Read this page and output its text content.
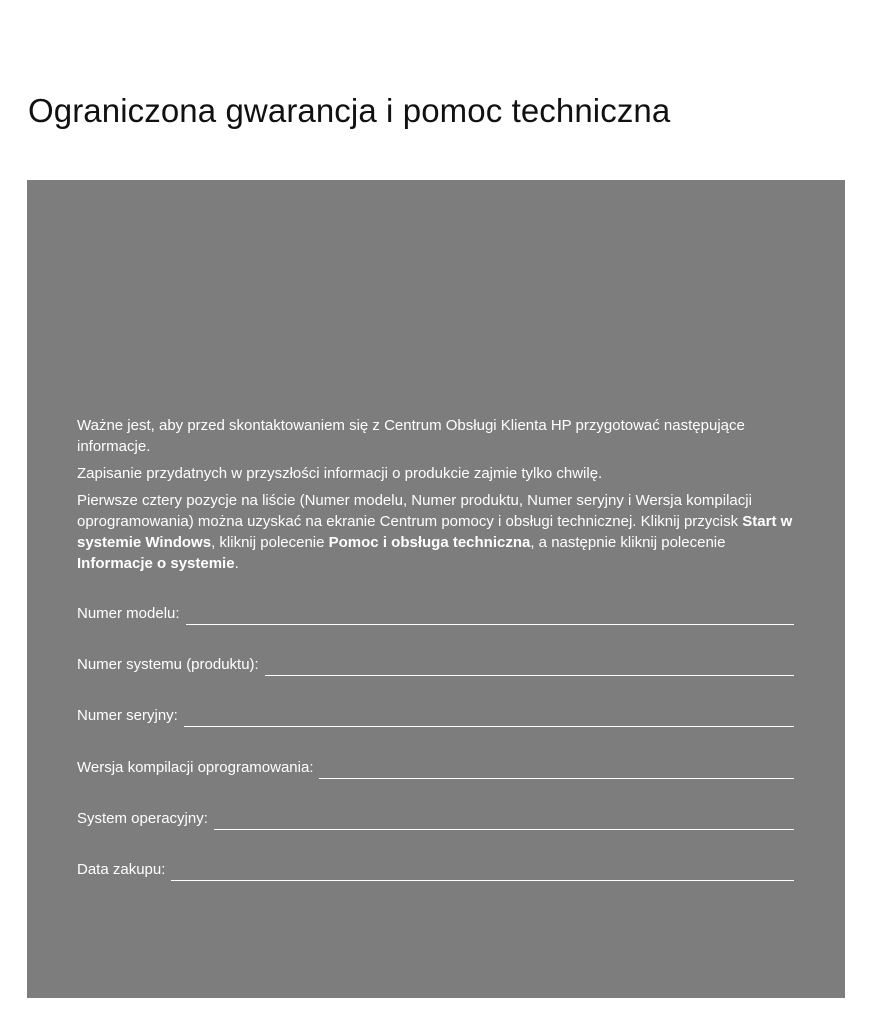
Ograniczona gwarancja i pomoc techniczna

Ważne jest, aby przed skontaktowaniem się z Centrum Obsługi Klienta HP przygotować następujące informacje.

Zapisanie przydatnych w przyszłości informacji o produkcie zajmie tylko chwilę.

Pierwsze cztery pozycje na liście (Numer modelu, Numer produktu, Numer seryjny i Wersja kompilacji oprogramowania) można uzyskać na ekranie Centrum pomocy i obsługi technicznej. Kliknij przycisk Start w systemie Windows, kliknij polecenie Pomoc i obsługa techniczna, a następnie kliknij polecenie Informacje o systemie.

Numer modelu:
Numer systemu (produktu):
Numer seryjny:
Wersja kompilacji oprogramowania:
System operacyjny:
Data zakupu:
